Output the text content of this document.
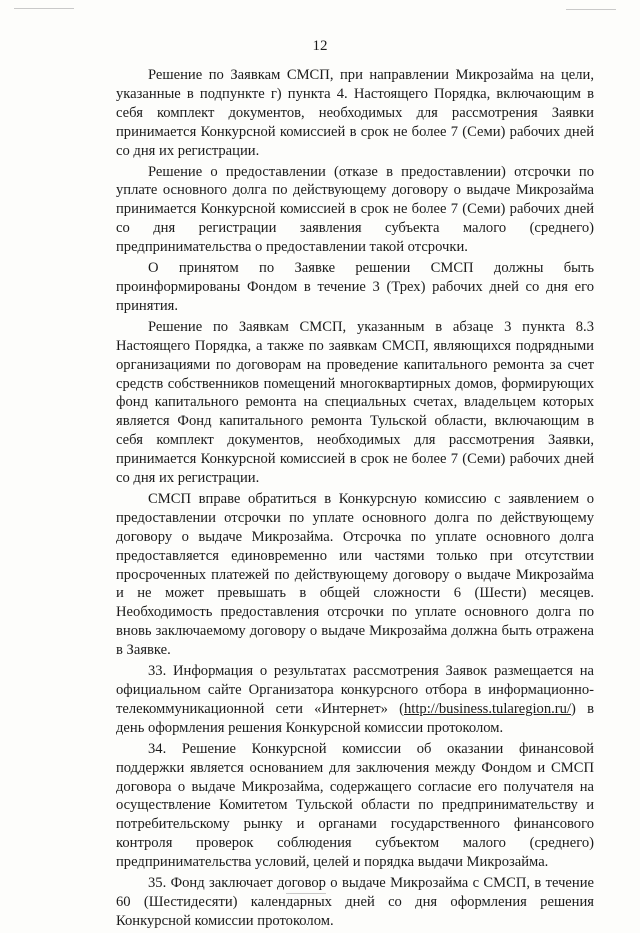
12

Решение по Заявкам СМСП, при направлении Микрозайма на цели, указанные в подпункте г) пункта 4. Настоящего Порядка, включающим в себя комплект документов, необходимых для рассмотрения Заявки принимается Конкурсной комиссией в срок не более 7 (Семи) рабочих дней со дня их регистрации.

Решение о предоставлении (отказе в предоставлении) отсрочки по уплате основного долга по действующему договору о выдаче Микрозайма принимается Конкурсной комиссией в срок не более 7 (Семи) рабочих дней со дня регистрации заявления субъекта малого (среднего) предпринимательства о предоставлении такой отсрочки.

О принятом по Заявке решении СМСП должны быть проинформированы Фондом в течение 3 (Трех) рабочих дней со дня его принятия.

Решение по Заявкам СМСП, указанным в абзаце 3 пункта 8.3 Настоящего Порядка, а также по заявкам СМСП, являющихся подрядными организациями по договорам на проведение капитального ремонта за счет средств собственников помещений многоквартирных домов, формирующих фонд капитального ремонта на специальных счетах, владельцем которых является Фонд капитального ремонта Тульской области, включающим в себя комплект документов, необходимых для рассмотрения Заявки, принимается Конкурсной комиссией в срок не более 7 (Семи) рабочих дней со дня их регистрации.

СМСП вправе обратиться в Конкурсную комиссию с заявлением о предоставлении отсрочки по уплате основного долга по действующему договору о выдаче Микрозайма. Отсрочка по уплате основного долга предоставляется единовременно или частями только при отсутствии просроченных платежей по действующему договору о выдаче Микрозайма и не может превышать в общей сложности 6 (Шести) месяцев. Необходимость предоставления отсрочки по уплате основного долга по вновь заключаемому договору о выдаче Микрозайма должна быть отражена в Заявке.

33. Информация о результатах рассмотрения Заявок размещается на официальном сайте Организатора конкурсного отбора в информационно-телекоммуникационной сети «Интернет» (http://business.tularegion.ru/) в день оформления решения Конкурсной комиссии протоколом.

34. Решение Конкурсной комиссии об оказании финансовой поддержки является основанием для заключения между Фондом и СМСП договора о выдаче Микрозайма, содержащего согласие его получателя на осуществление Комитетом Тульской области по предпринимательству и потребительскому рынку и органами государственного финансового контроля проверок соблюдения субъектом малого (среднего) предпринимательства условий, целей и порядка выдачи Микрозайма.

35. Фонд заключает договор о выдаче Микрозайма с СМСП, в течение 60 (Шестидесяти) календарных дней со дня оформления решения Конкурсной комиссии протоколом.
